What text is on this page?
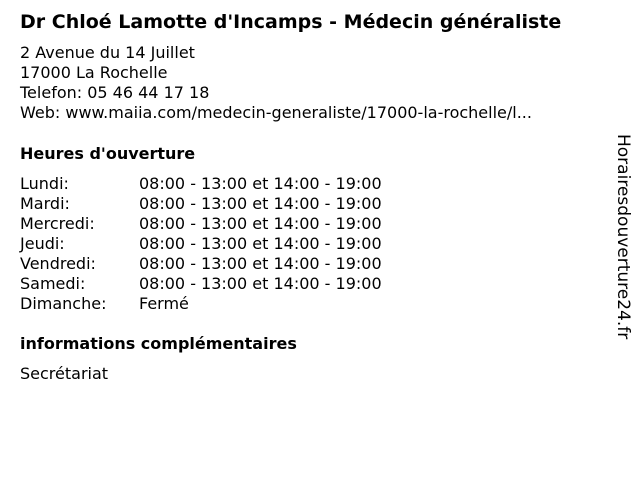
Dr Chloé Lamotte d'Incamps - Médecin généraliste
2 Avenue du 14 Juillet
17000 La Rochelle
Telefon: 05 46 44 17 18
Web: www.maiia.com/medecin-generaliste/17000-la-rochelle/l...
Heures d'ouverture
Lundi:	08:00 - 13:00 et 14:00 - 19:00
Mardi:	08:00 - 13:00 et 14:00 - 19:00
Mercredi:	08:00 - 13:00 et 14:00 - 19:00
Jeudi:	08:00 - 13:00 et 14:00 - 19:00
Vendredi:	08:00 - 13:00 et 14:00 - 19:00
Samedi:	08:00 - 13:00 et 14:00 - 19:00
Dimanche: Fermé
informations complémentaires
Secrétariat
Horairesdouverture24.fr
